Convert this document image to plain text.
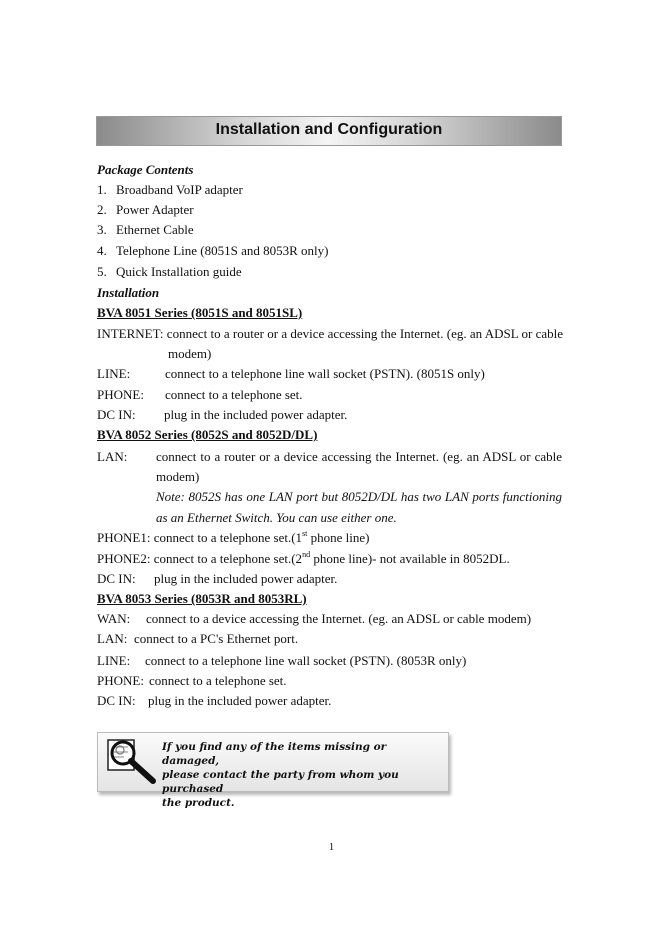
Installation and Configuration
Package Contents
1. Broadband VoIP adapter
2. Power Adapter
3. Ethernet Cable
4. Telephone Line (8051S and 8053R only)
5. Quick Installation guide
Installation
BVA 8051 Series (8051S and 8051SL)
INTERNET: connect to a router or a device accessing the Internet. (eg. an ADSL or cable
modem)
LINE:	connect to a telephone line wall socket (PSTN). (8051S only)
PHONE: connect to a telephone set.
DC IN: plug in the included power adapter.
BVA 8052 Series (8052S and 8052D/DL)
LAN: connect to a router or a device accessing the Internet. (eg. an ADSL or cable
modem)
Note: 8052S has one LAN port but 8052D/DL has two LAN ports functioning
as an Ethernet Switch. You can use either one.
PHONE1: connect to a telephone set.(1st phone line)
PHONE2: connect to a telephone set.(2nd phone line)- not available in 8052DL.
DC IN: plug in the included power adapter.
BVA 8053 Series (8053R and 8053RL)
WAN: connect to a device accessing the Internet. (eg. an ADSL or cable modem)
LAN: connect to a PC's Ethernet port.
LINE: connect to a telephone line wall socket (PSTN). (8053R only)
PHONE: connect to a telephone set.
DC IN: plug in the included power adapter.
If you find any of the items missing or damaged,
please contact the party from whom you purchased
the product.
1
